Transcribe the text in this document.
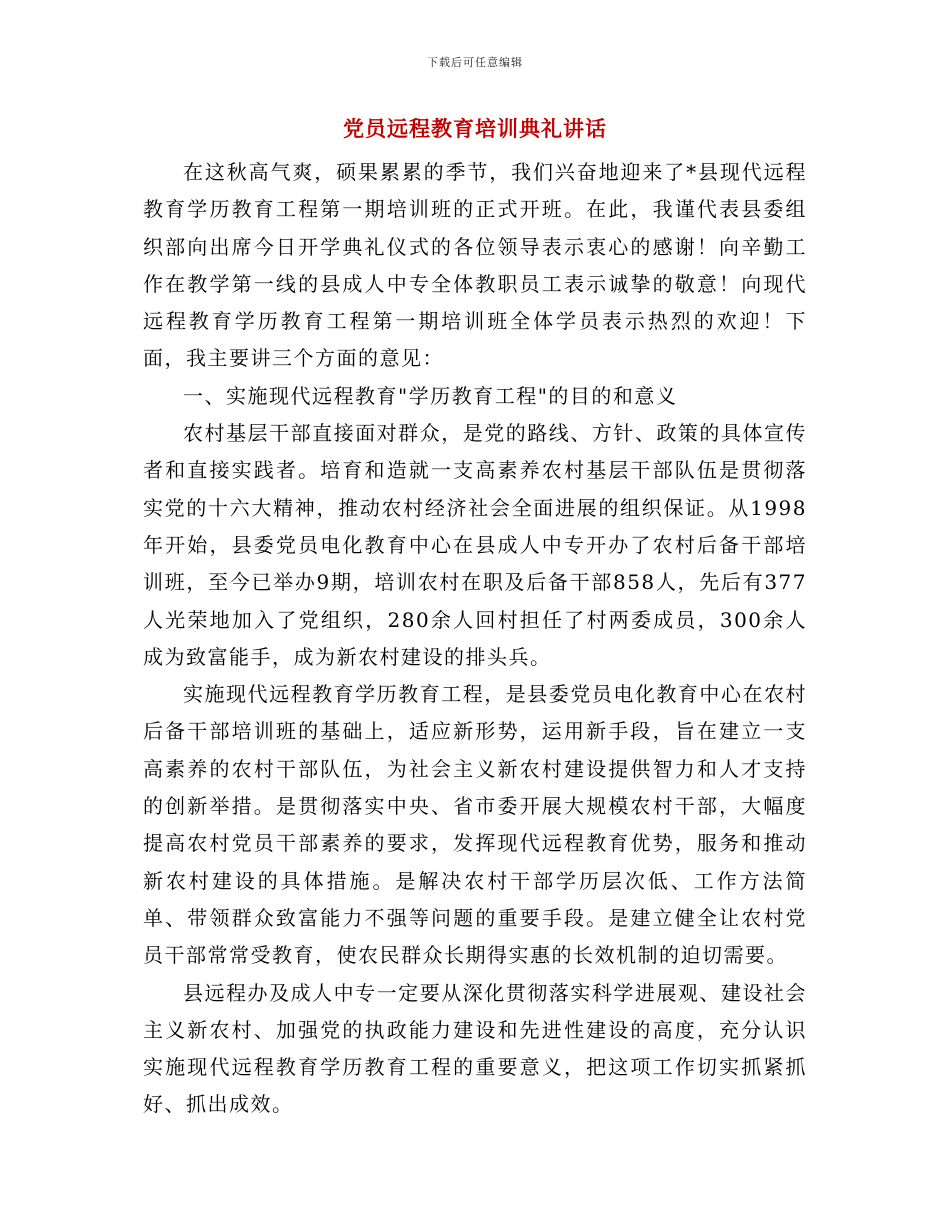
下载后可任意编辑
党员远程教育培训典礼讲话

在这秋高气爽，硕果累累的季节，我们兴奋地迎来了*县现代远程教育学历教育工程第一期培训班的正式开班。在此，我谨代表县委组织部向出席今日开学典礼仪式的各位领导表示衷心的感谢！向辛勤工作在教学第一线的县成人中专全体教职员工表示诚挚的敬意！向现代远程教育学历教育工程第一期培训班全体学员表示热烈的欢迎！下面，我主要讲三个方面的意见：

一、实施现代远程教育"学历教育工程"的目的和意义

农村基层干部直接面对群众，是党的路线、方针、政策的具体宣传者和直接实践者。培育和造就一支高素养农村基层干部队伍是贯彻落实党的十六大精神，推动农村经济社会全面进展的组织保证。从1998年开始，县委党员电化教育中心在县成人中专开办了农村后备干部培训班，至今已举办9期，培训农村在职及后备干部858人，先后有377人光荣地加入了党组织，280余人回村担任了村两委成员，300余人成为致富能手，成为新农村建设的排头兵。

实施现代远程教育学历教育工程，是县委党员电化教育中心在农村后备干部培训班的基础上，适应新形势，运用新手段，旨在建立一支高素养的农村干部队伍，为社会主义新农村建设提供智力和人才支持的创新举措。是贯彻落实中央、省市委开展大规模农村干部，大幅度提高农村党员干部素养的要求，发挥现代远程教育优势，服务和推动新农村建设的具体措施。是解决农村干部学历层次低、工作方法简单、带领群众致富能力不强等问题的重要手段。是建立健全让农村党员干部常常受教育，使农民群众长期得实惠的长效机制的迫切需要。

县远程办及成人中专一定要从深化贯彻落实科学进展观、建设社会主义新农村、加强党的执政能力建设和先进性建设的高度，充分认识实施现代远程教育学历教育工程的重要意义，把这项工作切实抓紧抓好、抓出成效。
